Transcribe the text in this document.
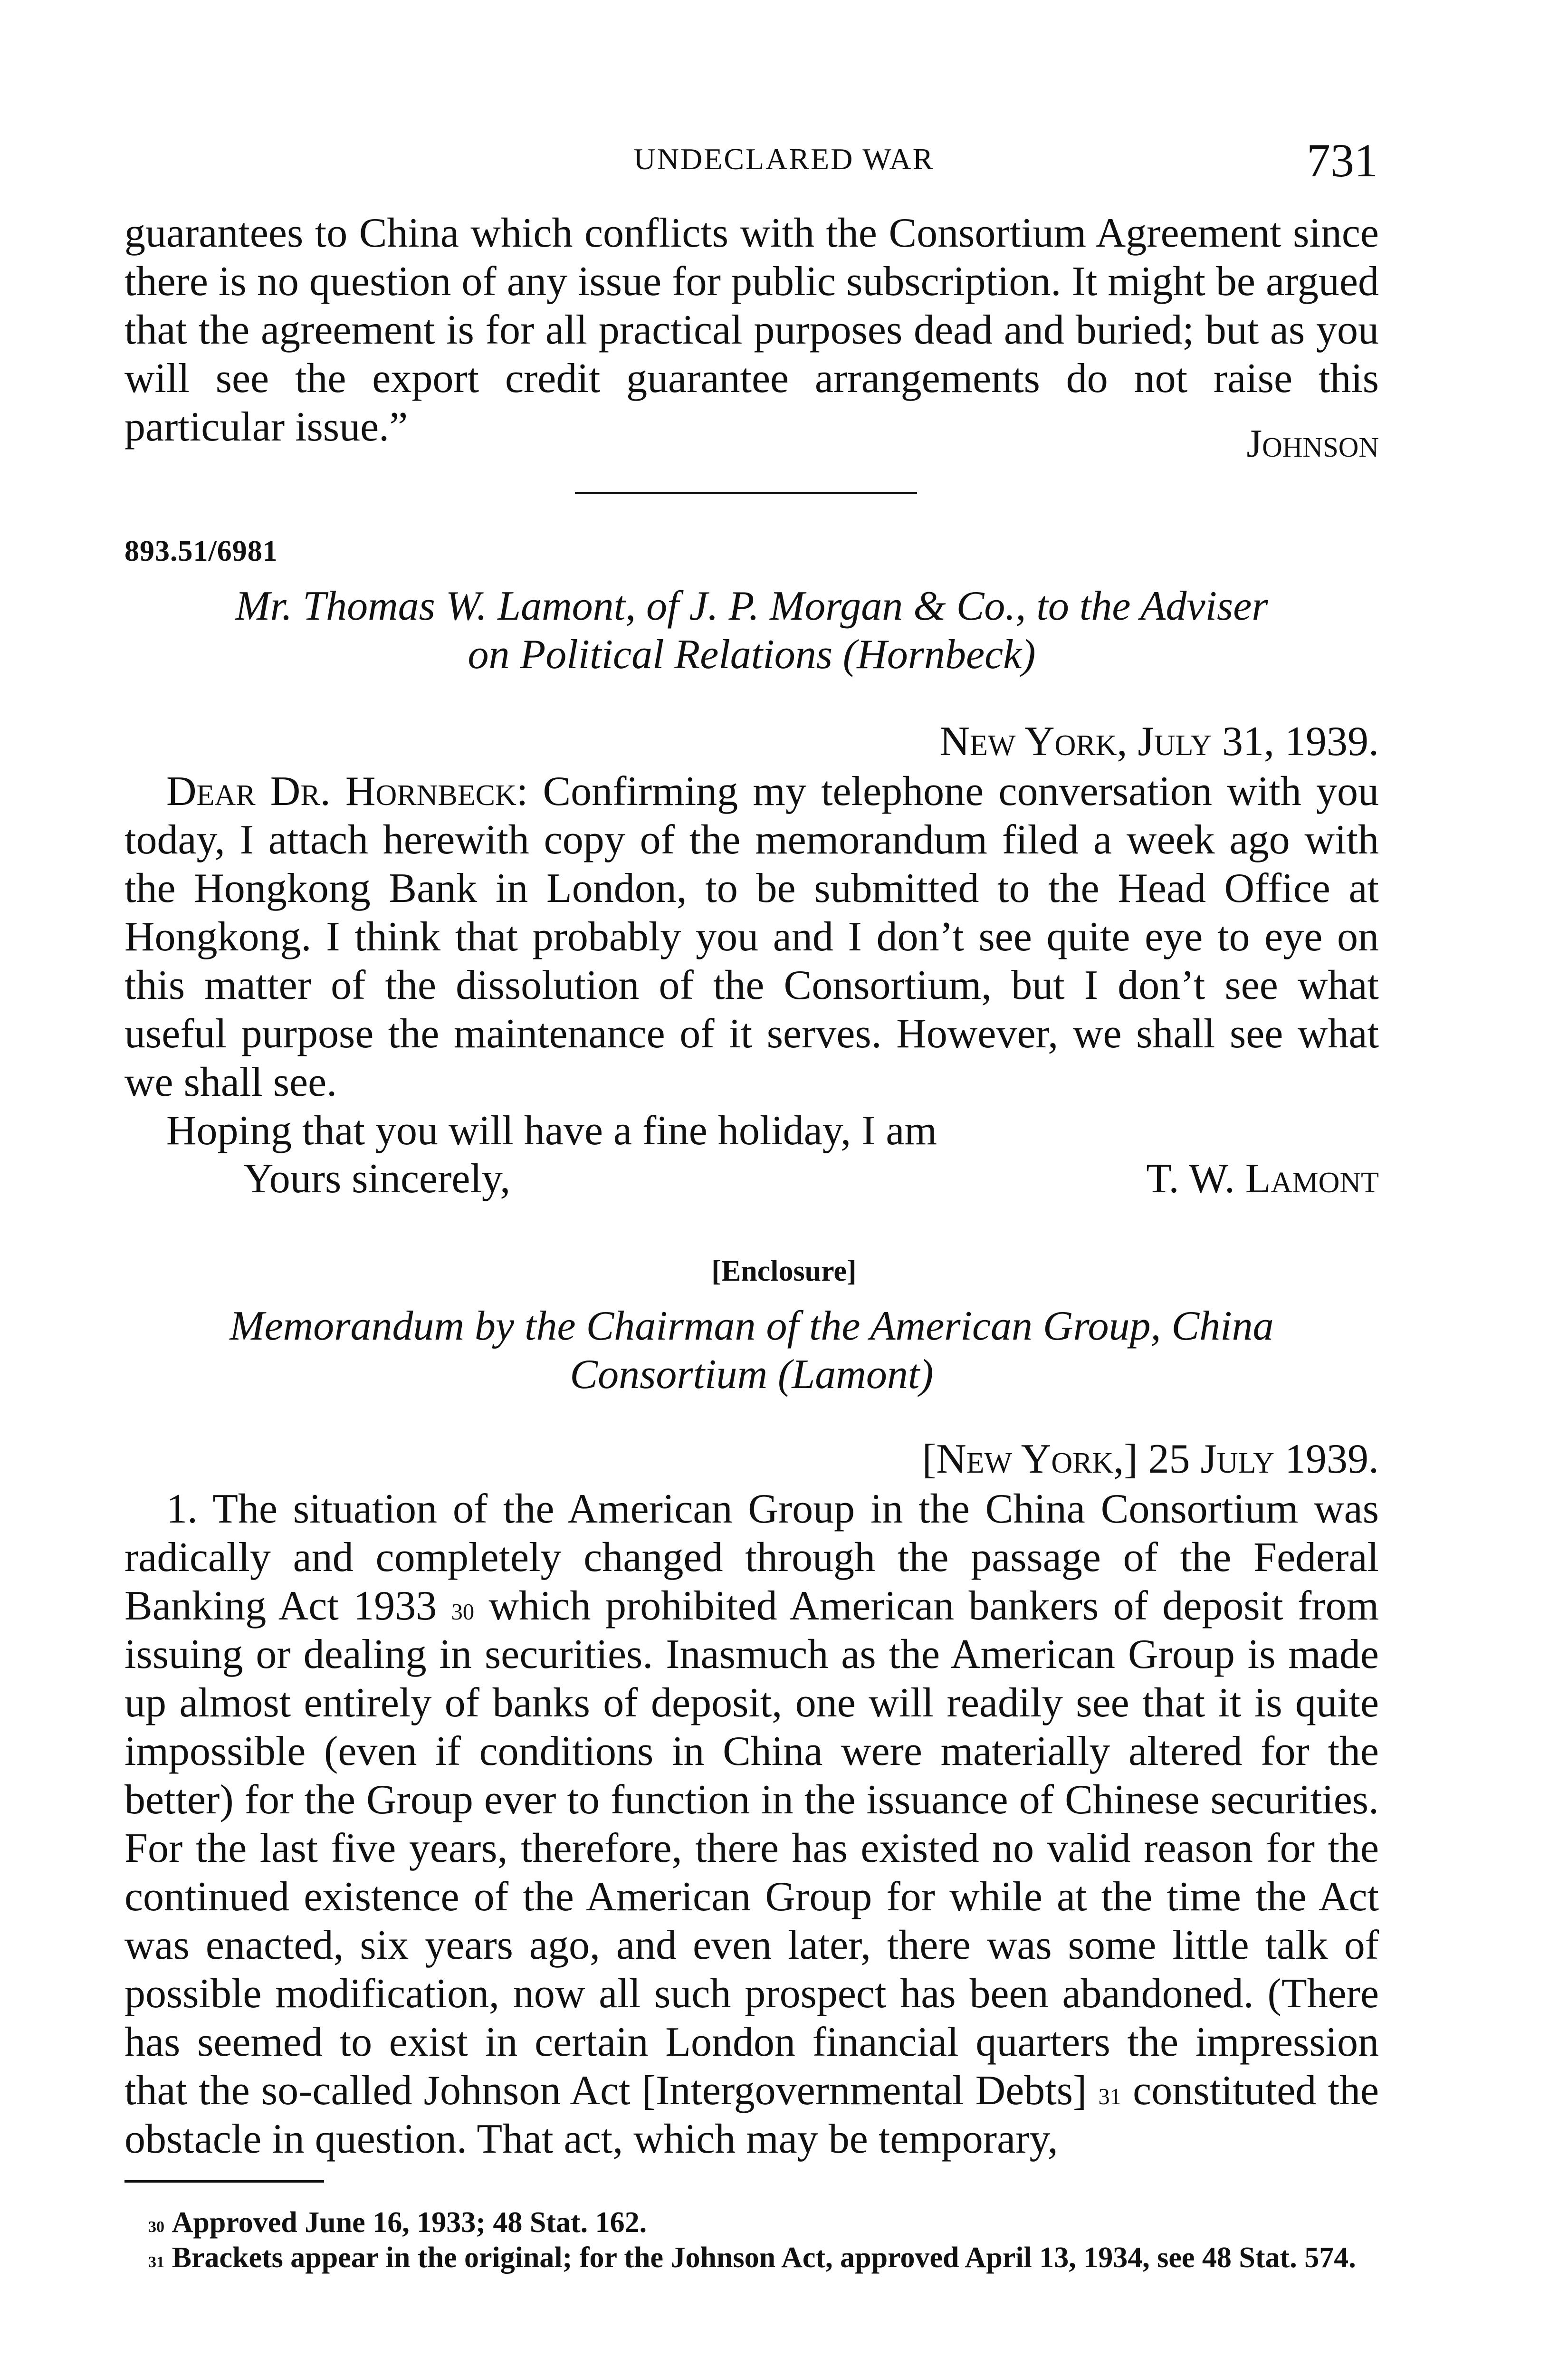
UNDECLARED WAR	731

guarantees to China which conflicts with the Consortium Agreement since there is no question of any issue for public subscription. It might be argued that the agreement is for all practical purposes dead and buried; but as you will see the export credit guarantee arrangements do not raise this particular issue.”	Johnson
893.51/6981
Mr. Thomas W. Lamont, of J. P. Morgan & Co., to the Adviser
on Political Relations (Hornbeck)
New York, July 31, 1939.

Dear Dr. Hornbeck: Confirming my telephone conversation with you today, I attach herewith copy of the memorandum filed a week ago with the Hongkong Bank in London, to be submitted to the Head Office at Hongkong. I think that probably you and I don’t see quite eye to eye on this matter of the dissolution of the Consortium, but I don’t see what useful purpose the maintenance of it serves. However, we shall see what we shall see.

Hoping that you will have a fine holiday, I am

Yours sincerely,	T. W. Lamont
[Enclosure]
Memorandum by the Chairman of the American Group, China
Consortium (Lamont)
[New York,] 25 July 1939.

1. The situation of the American Group in the China Consortium was radically and completely changed through the passage of the Federal Banking Act 1933 $^{30}$ which prohibited American bankers of deposit from issuing or dealing in securities. Inasmuch as the American Group is made up almost entirely of banks of deposit, one will readily see that it is quite impossible (even if conditions in China were materially altered for the better) for the Group ever to function in the issuance of Chinese securities. For the last five years, therefore, there has existed no valid reason for the continued existence of the American Group for while at the time the Act was enacted, six years ago, and even later, there was some little talk of possible modification, now all such prospect has been abandoned. (There has seemed to exist in certain London financial quarters the impression that the so-called Johnson Act [Intergovernmental Debts] $^{31}$ constituted the obstacle in question. That act, which may be temporary,

$^{30}$ Approved June 16, 1933; 48 Stat. 162.

$^{31}$ Brackets appear in the original; for the Johnson Act, approved April 13, 1934, see 48 Stat. 574.
